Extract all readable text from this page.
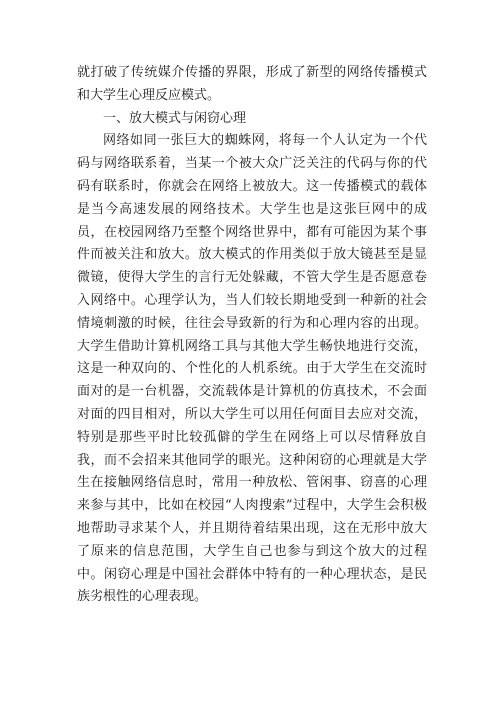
就打破了传统媒介传播的界限，形成了新型的网络传播模式和大学生心理反应模式。

一、放大模式与闲窃心理

网络如同一张巨大的蜘蛛网，将每一个人认定为一个代码与网络联系着，当某一个被大众广泛关注的代码与你的代码有联系时，你就会在网络上被放大。这一传播模式的载体是当今高速发展的网络技术。大学生也是这张巨网中的成员，在校园网络乃至整个网络世界中，都有可能因为某个事件而被关注和放大。放大模式的作用类似于放大镜甚至是显微镜，使得大学生的言行无处躲藏，不管大学生是否愿意卷入网络中。心理学认为，当人们较长期地受到一种新的社会情境刺激的时候，往往会导致新的行为和心理内容的出现。大学生借助计算机网络工具与其他大学生畅快地进行交流，这是一种双向的、个性化的人机系统。由于大学生在交流时面对的是一台机器，交流载体是计算机的仿真技术，不会面对面的四目相对，所以大学生可以用任何面目去应对交流，特别是那些平时比较孤僻的学生在网络上可以尽情释放自我，而不会招来其他同学的眼光。这种闲窃的心理就是大学生在接触网络信息时，常用一种放松、管闲事、窃喜的心理来参与其中，比如在校园“人肉搜索”过程中，大学生会积极地帮助寻求某个人，并且期待着结果出现，这在无形中放大了原来的信息范围，大学生自己也参与到这个放大的过程中。闲窃心理是中国社会群体中特有的一种心理状态，是民族劣根性的心理表现。
